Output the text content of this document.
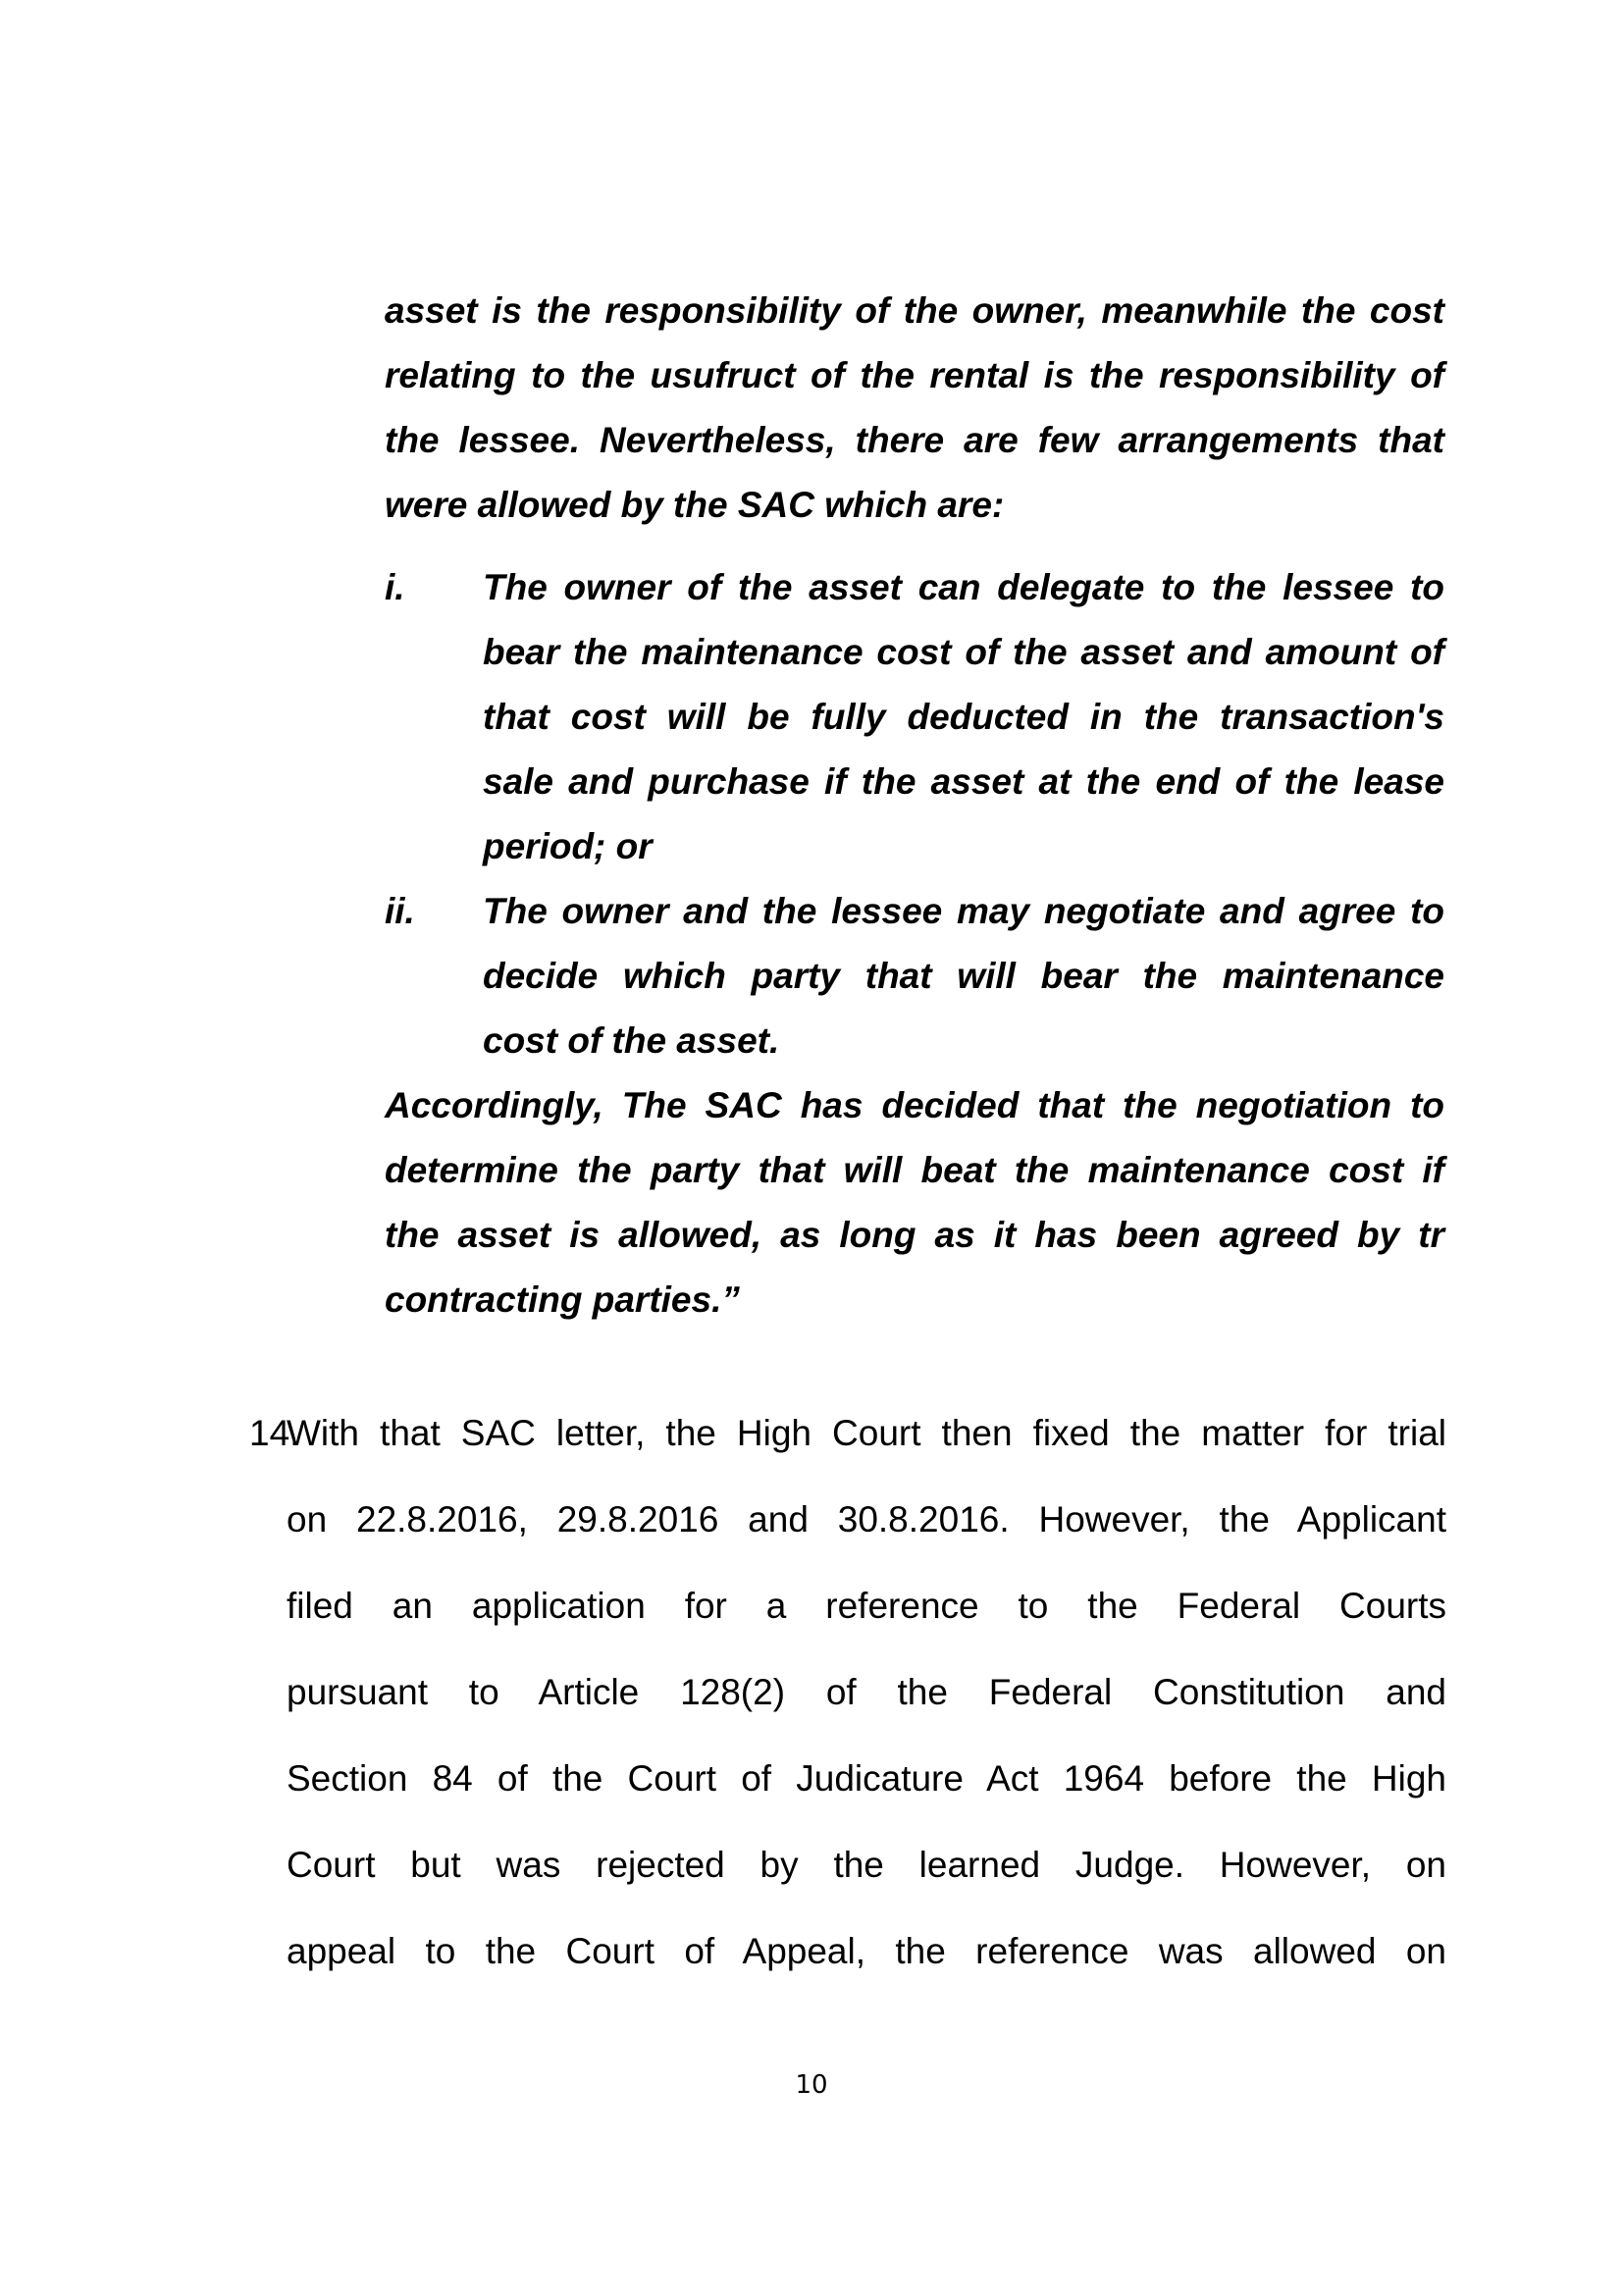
asset is the responsibility of the owner, meanwhile the cost
relating to the usufruct of the rental is the responsibility of
the lessee. Nevertheless, there are few arrangements that
were allowed by the SAC which are:
i. The owner of the asset can delegate to the lessee to
bear the maintenance cost of the asset and amount of
that cost will be fully deducted in the transaction's
sale and purchase if the asset at the end of the lease
period; or
ii. The owner and the lessee may negotiate and agree to
decide which party that will bear the maintenance
cost of the asset.
Accordingly, The SAC has decided that the negotiation to
determine the party that will beat the maintenance cost if
the asset is allowed, as long as it has been agreed by tr
contracting parties.”
14.
With that SAC letter, the High Court then fixed the matter for trial
on 22.8.2016, 29.8.2016 and 30.8.2016. However, the Applicant
filed an application for a reference to the Federal Courts
pursuant to Article 128(2) of the Federal Constitution and
Section 84 of the Court of Judicature Act 1964 before the High
Court but was rejected by the learned Judge. However, on
appeal to the Court of Appeal, the reference was allowed on
10
